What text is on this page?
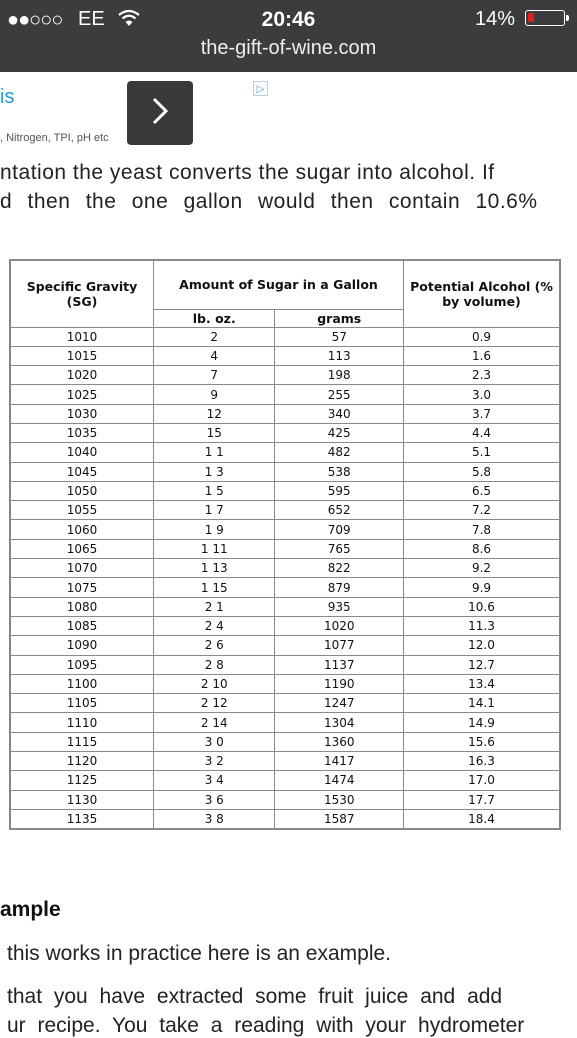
●●○○○ EE	20:46	14%
the-gift-of-wine.com
is
, Nitrogen, TPI, pH etc
▷
ntation the yeast converts the sugar into alcohol. If
d then the one gallon would then contain 10.6%
Specific Gravity (SG)	Amount of Sugar in a Gallon		Potential Alcohol (% by volume)
	lb. oz.	grams	
1010	2	57	0.9
1015	4	113	1.6
1020	7	198	2.3
1025	9	255	3.0
1030	12	340	3.7
1035	15	425	4.4
1040	1 1	482	5.1
1045	1 3	538	5.8
1050	1 5	595	6.5
1055	1 7	652	7.2
1060	1 9	709	7.8
1065	1 11	765	8.6
1070	1 13	822	9.2
1075	1 15	879	9.9
1080	2 1	935	10.6
1085	2 4	1020	11.3
1090	2 6	1077	12.0
1095	2 8	1137	12.7
1100	2 10	1190	13.4
1105	2 12	1247	14.1
1110	2 14	1304	14.9
1115	3 0	1360	15.6
1120	3 2	1417	16.3
1125	3 4	1474	17.0
1130	3 6	1530	17.7
1135	3 8	1587	18.4
ample
this works in practice here is an example.
that you have extracted some fruit juice and add
ur recipe. You take a reading with your hydrometer
